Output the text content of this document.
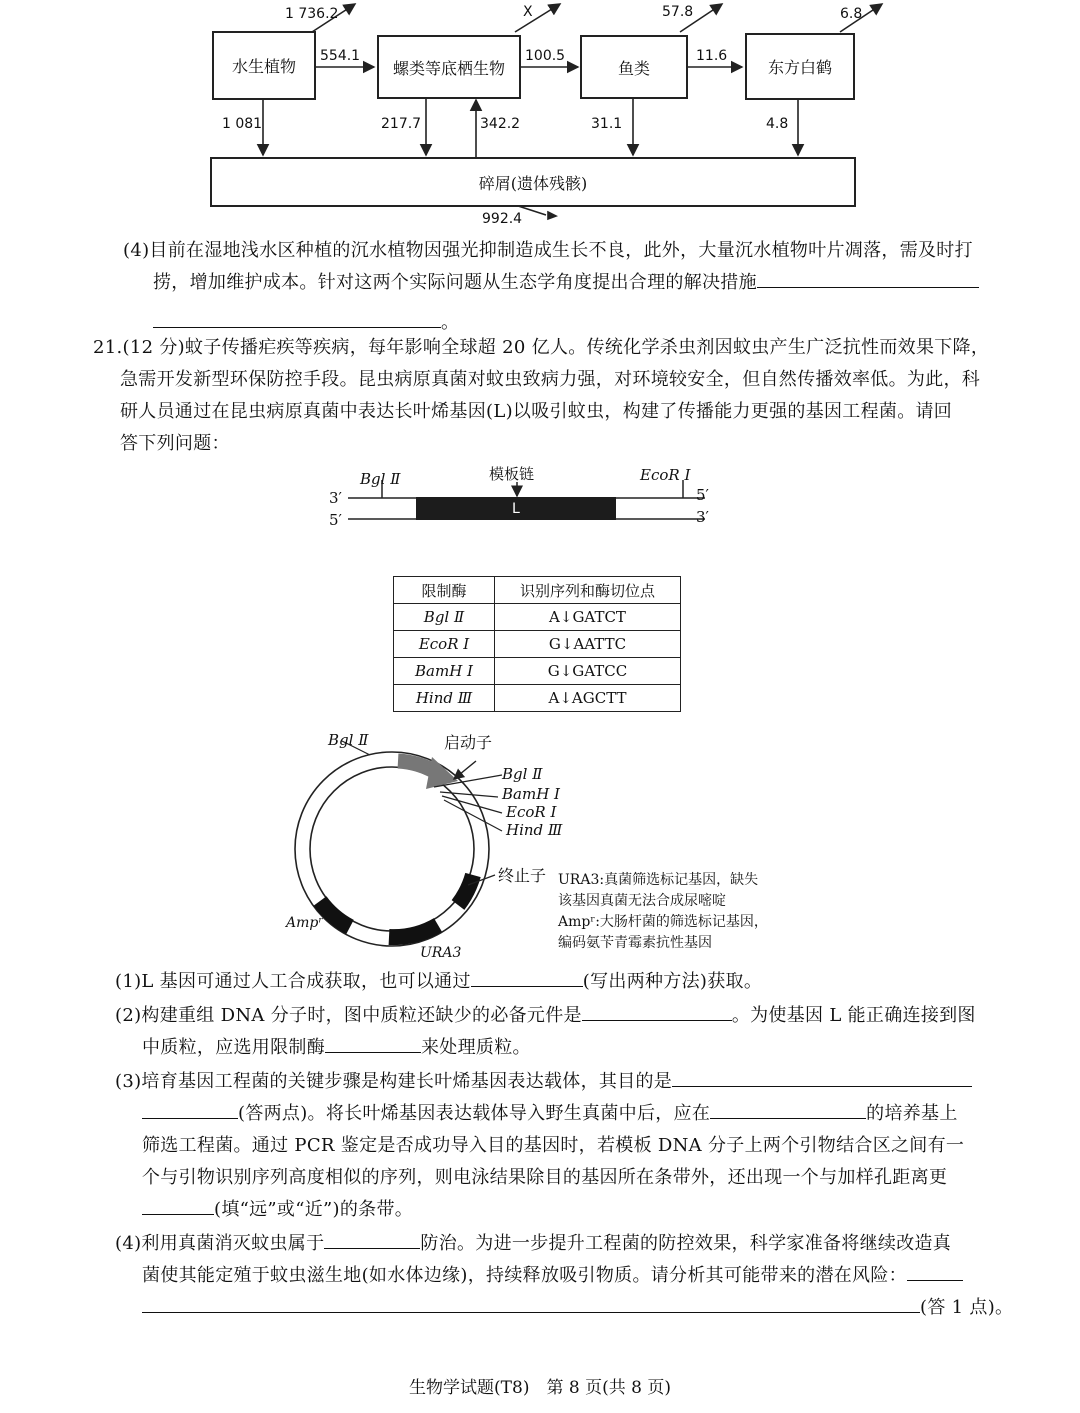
水生植物	螺类等底栖生物	鱼类	东方白鹤
碎屑(遗体残骸)
1 736.2	X	57.8	6.8
554.1	100.5	11.6
1 081	217.7	342.2	31.1	4.8
992.4
(4)目前在湿地浅水区种植的沉水植物因强光抑制造成生长不良，此外，大量沉水植物叶片凋落，需及时打
捞，增加维护成本。针对这两个实际问题从生态学角度提出合理的解决措施
。
21.(12 分)蚊子传播疟疾等疾病，每年影响全球超 20 亿人。传统化学杀虫剂因蚊虫产生广泛抗性而效果下降，
急需开发新型环保防控手段。昆虫病原真菌对蚊虫致病力强，对环境较安全，但自然传播效率低。为此，科
研人员通过在昆虫病原真菌中表达长叶烯基因(L)以吸引蚊虫，构建了传播能力更强的基因工程菌。请回
答下列问题：
Bgl Ⅱ	模板链	EcoR Ⅰ
L
3′
5′
5′
3′
限制酶	识别序列和酶切位点
Bgl Ⅱ	A↓GATCT
EcoR Ⅰ	G↓AATTC
BamH Ⅰ	G↓GATCC
Hind Ⅲ	A↓AGCTT
Bgl Ⅱ	启动子
Bgl Ⅱ
BamH Ⅰ
EcoR Ⅰ
Hind Ⅲ
终止子
Ampʳ
URA3
URA3:真菌筛选标记基因，缺失
该基因真菌无法合成尿嘧啶
Ampʳ:大肠杆菌的筛选标记基因，
编码氨苄青霉素抗性基因
(1)L 基因可通过人工合成获取，也可以通过	(写出两种方法)获取。
(2)构建重组 DNA 分子时，图中质粒还缺少的必备元件是	。为使基因 L 能正确连接到图
中质粒，应选用限制酶	来处理质粒。
(3)培育基因工程菌的关键步骤是构建长叶烯基因表达载体，其目的是
(答两点)。将长叶烯基因表达载体导入野生真菌中后，应在	的培养基上
筛选工程菌。通过 PCR 鉴定是否成功导入目的基因时，若模板 DNA 分子上两个引物结合区之间有一
个与引物识别序列高度相似的序列，则电泳结果除目的基因所在条带外，还出现一个与加样孔距离更
(填“远”或“近”)的条带。
(4)利用真菌消灭蚊虫属于	防治。为进一步提升工程菌的防控效果，科学家准备将继续改造真
菌使其能定殖于蚊虫滋生地(如水体边缘)，持续释放吸引物质。请分析其可能带来的潜在风险：
(答 1 点)。
生物学试题(T8)　第 8 页(共 8 页)
